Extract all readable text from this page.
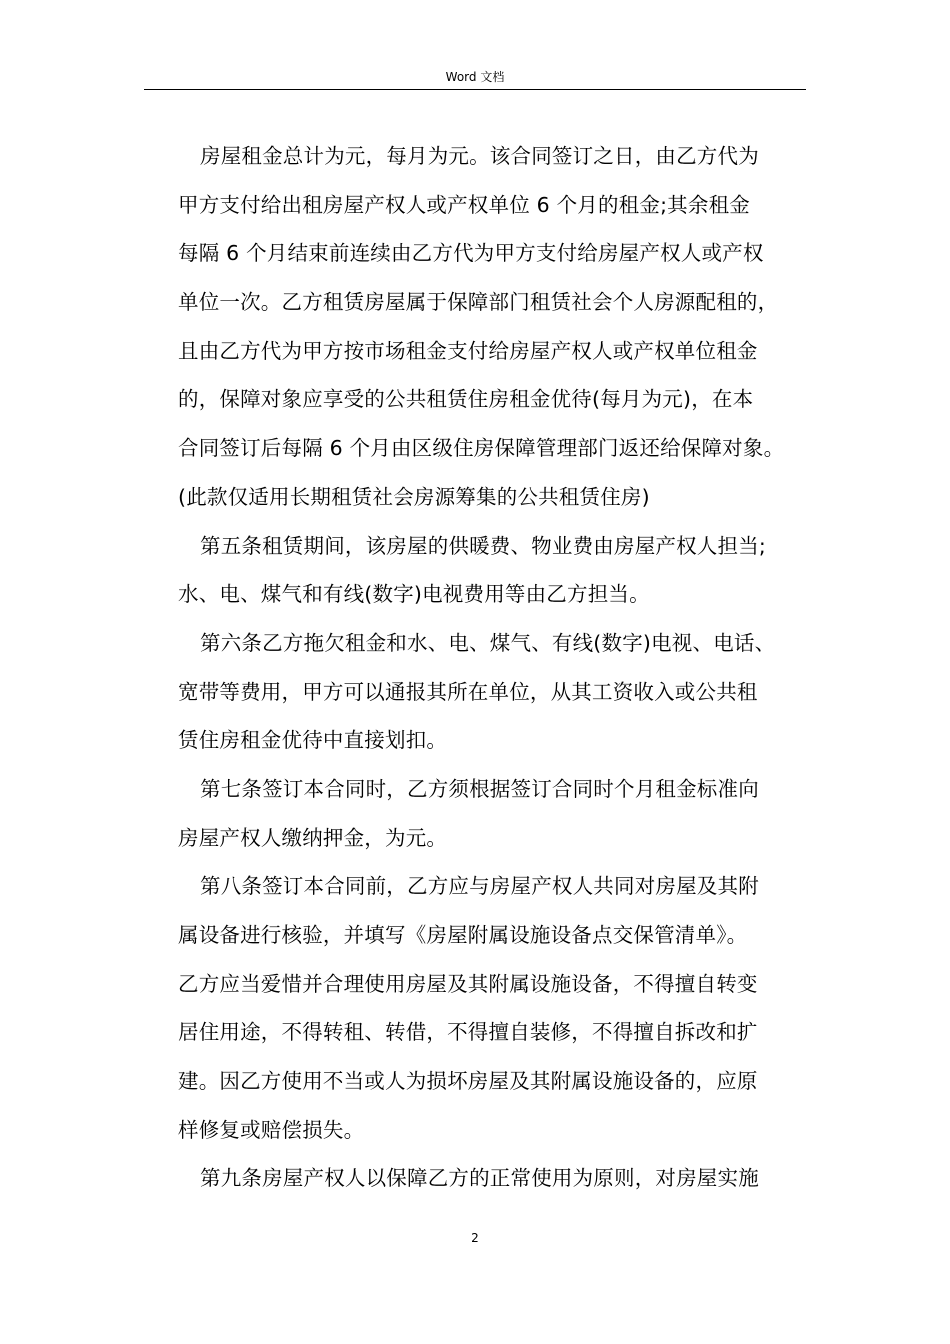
Word 文档
房屋租金总计为元，每月为元。该合同签订之日，由乙方代为
甲方支付给出租房屋产权人或产权单位 6 个月的租金;其余租金
每隔 6 个月结束前连续由乙方代为甲方支付给房屋产权人或产权
单位一次。乙方租赁房屋属于保障部门租赁社会个人房源配租的，
且由乙方代为甲方按市场租金支付给房屋产权人或产权单位租金
的，保障对象应享受的公共租赁住房租金优待(每月为元)，在本
合同签订后每隔 6 个月由区级住房保障管理部门返还给保障对象。
(此款仅适用长期租赁社会房源筹集的公共租赁住房)
第五条租赁期间，该房屋的供暖费、物业费由房屋产权人担当;
水、电、煤气和有线(数字)电视费用等由乙方担当。
第六条乙方拖欠租金和水、电、煤气、有线(数字)电视、电话、
宽带等费用，甲方可以通报其所在单位，从其工资收入或公共租
赁住房租金优待中直接划扣。
第七条签订本合同时，乙方须根据签订合同时个月租金标准向
房屋产权人缴纳押金，为元。
第八条签订本合同前，乙方应与房屋产权人共同对房屋及其附
属设备进行核验，并填写《房屋附属设施设备点交保管清单》。
乙方应当爱惜并合理使用房屋及其附属设施设备，不得擅自转变
居住用途，不得转租、转借，不得擅自装修，不得擅自拆改和扩
建。因乙方使用不当或人为损坏房屋及其附属设施设备的，应原
样修复或赔偿损失。
第九条房屋产权人以保障乙方的正常使用为原则，对房屋实施
2
